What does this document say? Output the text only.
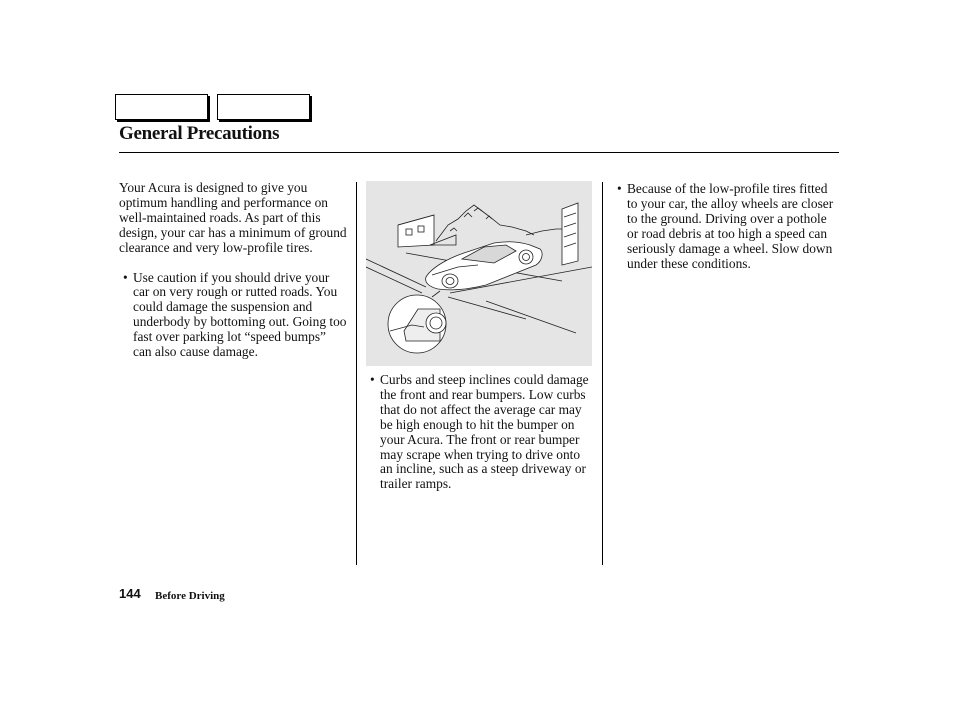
General Precautions

Your Acura is designed to give you optimum handling and performance on well-maintained roads. As part of this design, your car has a minimum of ground clearance and very low-profile tires.

• Use caution if you should drive your car on very rough or rutted roads. You could damage the suspension and underbody by bottoming out. Going too fast over parking lot “speed bumps” can also cause damage.
• Curbs and steep inclines could damage the front and rear bumpers. Low curbs that do not affect the average car may be high enough to hit the bumper on your Acura. The front or rear bumper may scrape when trying to drive onto an incline, such as a steep driveway or trailer ramps.
• Because of the low-profile tires fitted to your car, the alloy wheels are closer to the ground. Driving over a pothole or road debris at too high a speed can seriously damage a wheel. Slow down under these conditions.
144 Before Driving
